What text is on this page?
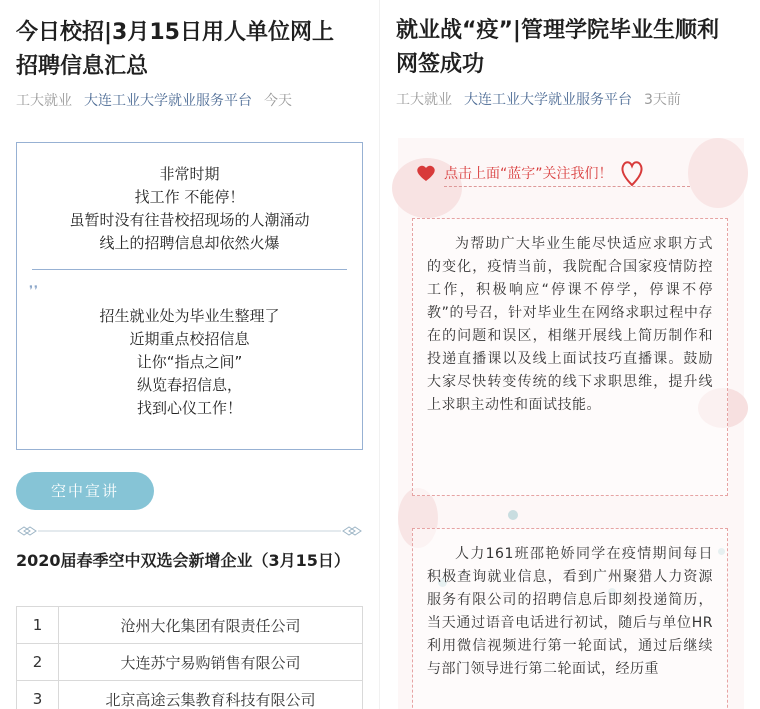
今日校招|3月15日用人单位网上
招聘信息汇总
工大就业 大连工业大学就业服务平台 今天
非常时期
找工作 不能停！
虽暂时没有往昔校招现场的人潮涌动
线上的招聘信息却依然火爆
❜❜
招生就业处为毕业生整理了
近期重点校招信息
让你“指点之间”
纵览春招信息，
找到心仪工作！
空中宣讲
2020届春季空中双选会新增企业（3月15日）
1	沧州大化集团有限责任公司
2	大连苏宁易购销售有限公司
3	北京高途云集教育科技有限公司
就业战“疫”|管理学院毕业生顺利
网签成功
工大就业 大连工业大学就业服务平台 3天前
点击上面“蓝字”关注我们！

为帮助广大毕业生能尽快适应求职方式的变化，疫情当前，我院配合国家疫情防控工作，积极响应“停课不停学，停课不停教”的号召，针对毕业生在网络求职过程中存在的问题和误区，相继开展线上简历制作和投递直播课以及线上面试技巧直播课。鼓励大家尽快转变传统的线下求职思维，提升线上求职主动性和面试技能。

人力161班邵艳娇同学在疫情期间每日积极查询就业信息，看到广州聚猎人力资源服务有限公司的招聘信息后即刻投递简历，当天通过语音电话进行初试，随后与单位HR利用微信视频进行第一轮面试，通过后继续与部门领导进行第二轮面试，经历重
